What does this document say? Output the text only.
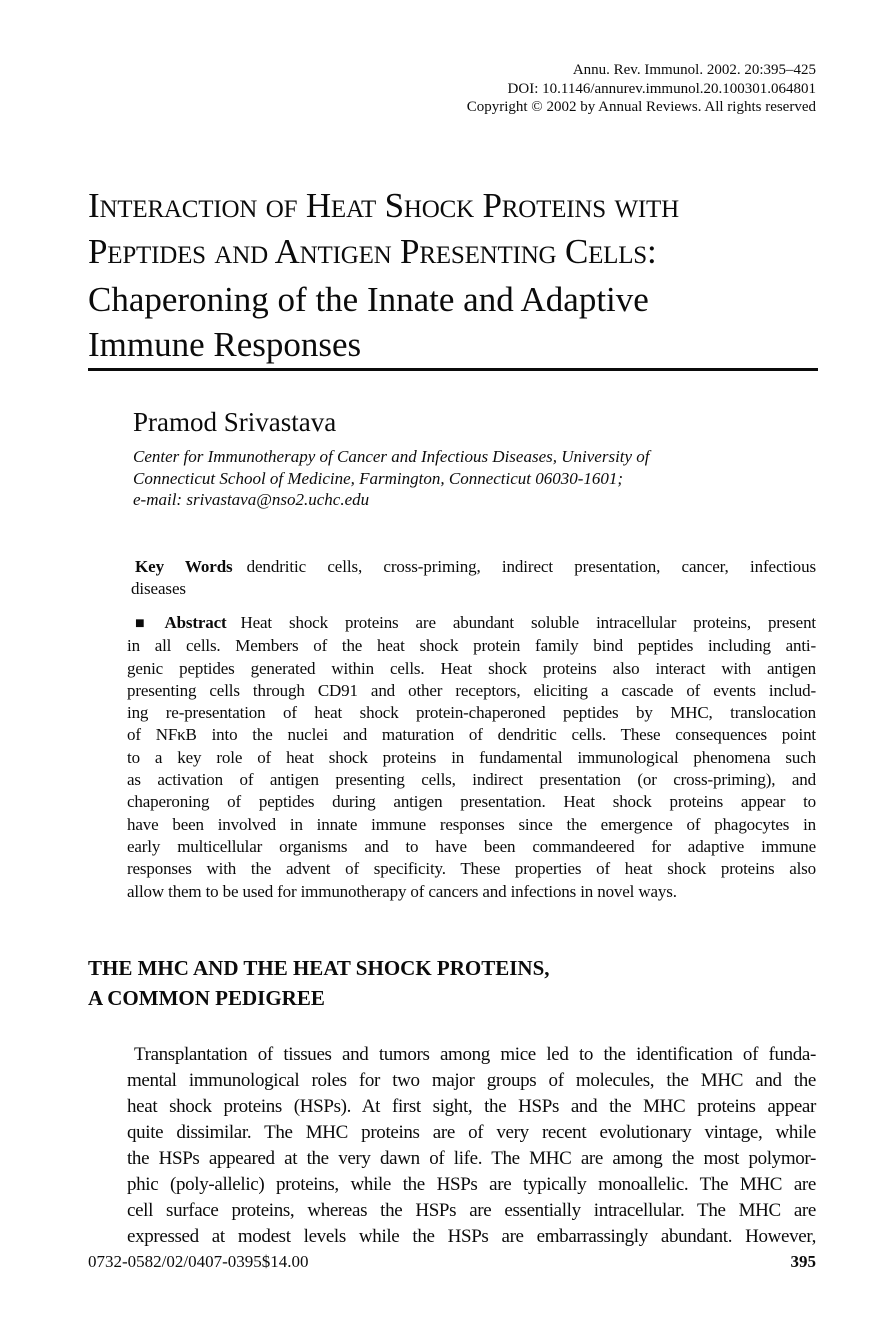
Annu. Rev. Immunol. 2002. 20:395–425
DOI: 10.1146/annurev.immunol.20.100301.064801
Copyright © 2002 by Annual Reviews. All rights reserved
Interaction of Heat Shock Proteins with
Peptides and Antigen Presenting Cells:
Chaperoning of the Innate and Adaptive
Immune Responses
Pramod Srivastava
Center for Immunotherapy of Cancer and Infectious Diseases, University of
Connecticut School of Medicine, Farmington, Connecticut 06030-1601;
e-mail: srivastava@nso2.uchc.edu
Key Words dendritic cells, cross-priming, indirect presentation, cancer, infectious
diseases
■ Abstract Heat shock proteins are abundant soluble intracellular proteins, present
in all cells. Members of the heat shock protein family bind peptides including anti-
genic peptides generated within cells. Heat shock proteins also interact with antigen
presenting cells through CD91 and other receptors, eliciting a cascade of events includ-
ing re-presentation of heat shock protein-chaperoned peptides by MHC, translocation
of NFκB into the nuclei and maturation of dendritic cells. These consequences point
to a key role of heat shock proteins in fundamental immunological phenomena such
as activation of antigen presenting cells, indirect presentation (or cross-priming), and
chaperoning of peptides during antigen presentation. Heat shock proteins appear to
have been involved in innate immune responses since the emergence of phagocytes in
early multicellular organisms and to have been commandeered for adaptive immune
responses with the advent of specificity. These properties of heat shock proteins also
allow them to be used for immunotherapy of cancers and infections in novel ways.
THE MHC AND THE HEAT SHOCK PROTEINS,
A COMMON PEDIGREE
Transplantation of tissues and tumors among mice led to the identification of funda-
mental immunological roles for two major groups of molecules, the MHC and the
heat shock proteins (HSPs). At first sight, the HSPs and the MHC proteins appear
quite dissimilar. The MHC proteins are of very recent evolutionary vintage, while
the HSPs appeared at the very dawn of life. The MHC are among the most polymor-
phic (poly-allelic) proteins, while the HSPs are typically monoallelic. The MHC are
cell surface proteins, whereas the HSPs are essentially intracellular. The MHC are
expressed at modest levels while the HSPs are embarrassingly abundant. However,
0732-0582/02/0407-0395$14.00	395
